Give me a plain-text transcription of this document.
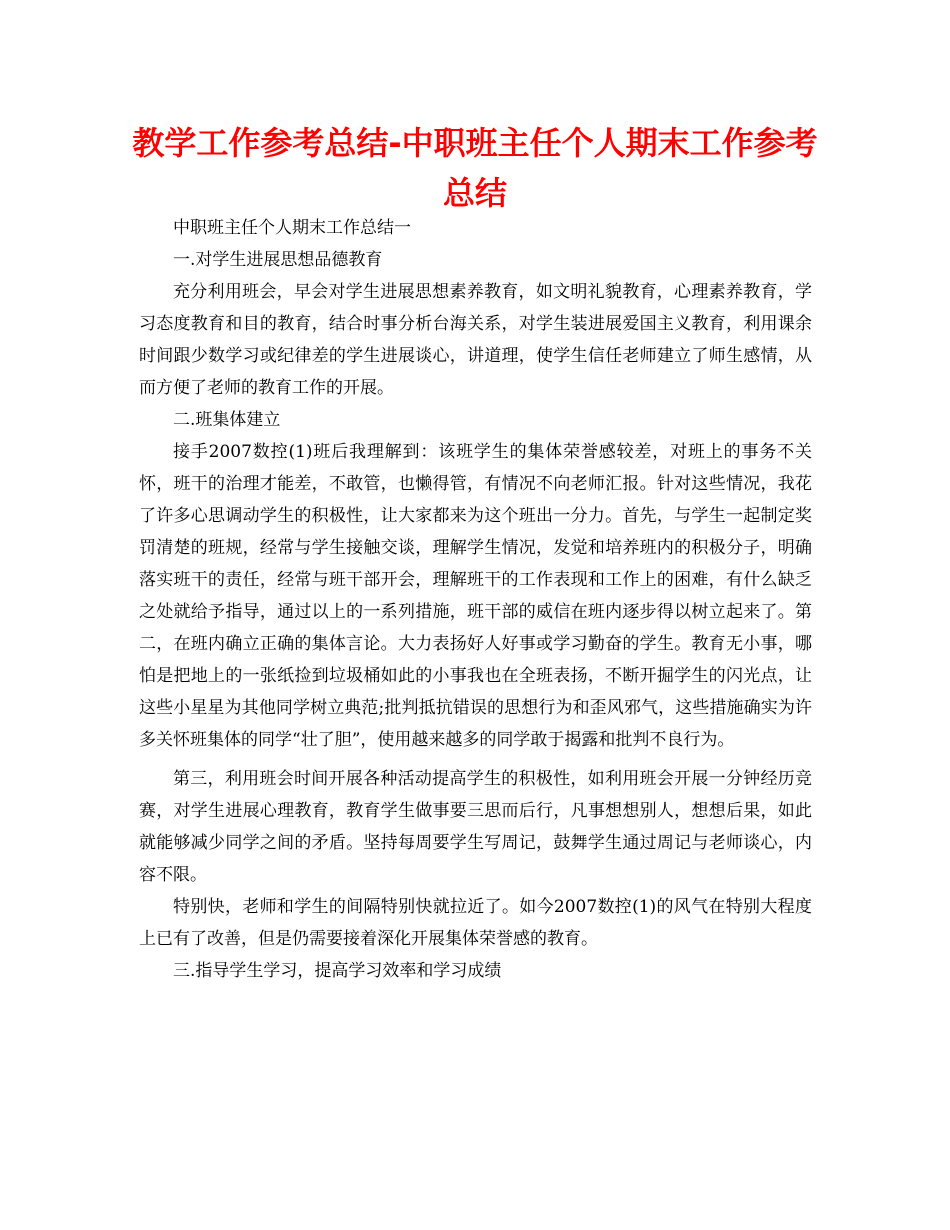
教学工作参考总结-中职班主任个人期末工作参考总结

中职班主任个人期末工作总结一

一.对学生进展思想品德教育

充分利用班会，早会对学生进展思想素养教育，如文明礼貌教育，心理素养教育，学习态度教育和目的教育，结合时事分析台海关系，对学生装进展爱国主义教育，利用课余时间跟少数学习或纪律差的学生进展谈心，讲道理，使学生信任老师建立了师生感情，从而方便了老师的教育工作的开展。

二.班集体建立

接手2007数控(1)班后我理解到：该班学生的集体荣誉感较差，对班上的事务不关怀，班干的治理才能差，不敢管，也懒得管，有情况不向老师汇报。针对这些情况，我花了许多心思调动学生的积极性，让大家都来为这个班出一分力。首先，与学生一起制定奖罚清楚的班规，经常与学生接触交谈，理解学生情况，发觉和培养班内的积极分子，明确落实班干的责任，经常与班干部开会，理解班干的工作表现和工作上的困难，有什么缺乏之处就给予指导，通过以上的一系列措施，班干部的威信在班内逐步得以树立起来了。第二，在班内确立正确的集体言论。大力表扬好人好事或学习勤奋的学生。教育无小事，哪怕是把地上的一张纸捡到垃圾桶如此的小事我也在全班表扬，不断开掘学生的闪光点，让这些小星星为其他同学树立典范;批判抵抗错误的思想行为和歪风邪气，这些措施确实为许多关怀班集体的同学“壮了胆”，使用越来越多的同学敢于揭露和批判不良行为。

第三，利用班会时间开展各种活动提高学生的积极性，如利用班会开展一分钟经历竞赛，对学生进展心理教育，教育学生做事要三思而后行，凡事想想别人，想想后果，如此就能够减少同学之间的矛盾。坚持每周要学生写周记，鼓舞学生通过周记与老师谈心，内容不限。

特别快，老师和学生的间隔特别快就拉近了。如今2007数控(1)的风气在特别大程度上已有了改善，但是仍需要接着深化开展集体荣誉感的教育。

三.指导学生学习，提高学习效率和学习成绩
